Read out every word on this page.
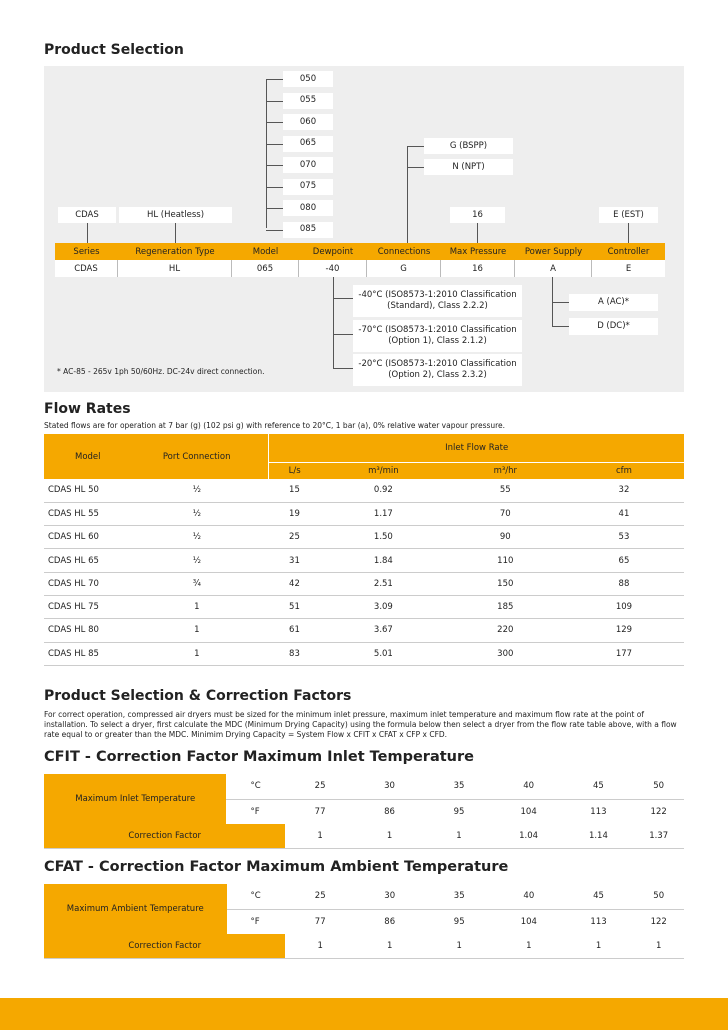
Product Selection
050
055
060
065
070
075
080
085
G (BSPP)
N (NPT)
CDAS	HL (Heatless)	16	E (EST)
Series
CDAS
Regeneration Type
HL
Model
065
Dewpoint
-40
Connections
G
Max Pressure
16
Power Supply
A
Controller
E
-40°C (ISO8573-1:2010 Classification
(Standard), Class 2.2.2)
-70°C (ISO8573-1:2010 Classification
(Option 1), Class 2.1.2)
-20°C (ISO8573-1:2010 Classification
(Option 2), Class 2.3.2)
A (AC)*
D (DC)*
* AC-85 - 265v 1ph 50/60Hz. DC-24v direct connection.
Flow Rates
Stated flows are for operation at 7 bar (g) (102 psi g) with reference to 20°C, 1 bar (a), 0% relative water vapour pressure.
Model	Port Connection	Inlet Flow Rate			
		L/s	m³/min	m³/hr	cfm
CDAS HL 50	½	15	0.92	55	32
CDAS HL 55	½	19	1.17	70	41
CDAS HL 60	½	25	1.50	90	53
CDAS HL 65	½	31	1.84	110	65
CDAS HL 70	¾	42	2.51	150	88
CDAS HL 75	1	51	3.09	185	109
CDAS HL 80	1	61	3.67	220	129
CDAS HL 85	1	83	5.01	300	177
Product Selection & Correction Factors
For correct operation, compressed air dryers must be sized for the minimum inlet pressure, maximum inlet temperature and maximum flow rate at the point of installation. To select a dryer, first calculate the MDC (Minimum Drying Capacity) using the formula below then select a dryer from the flow rate table above, with a flow rate equal to or greater than the MDC. Minimim Drying Capacity = System Flow x CFIT x CFAT x CFP x CFD.
CFIT - Correction Factor Maximum Inlet Temperature
Maximum Inlet Temperature	°C	25	30	35	40	45	50
	°F	77	86	95	104	113	122
Correction Factor		1	1	1	1.04	1.14	1.37
CFAT - Correction Factor Maximum Ambient Temperature
Maximum Ambient Temperature	°C	25	30	35	40	45	50
	°F	77	86	95	104	113	122
Correction Factor		1	1	1	1	1	1
